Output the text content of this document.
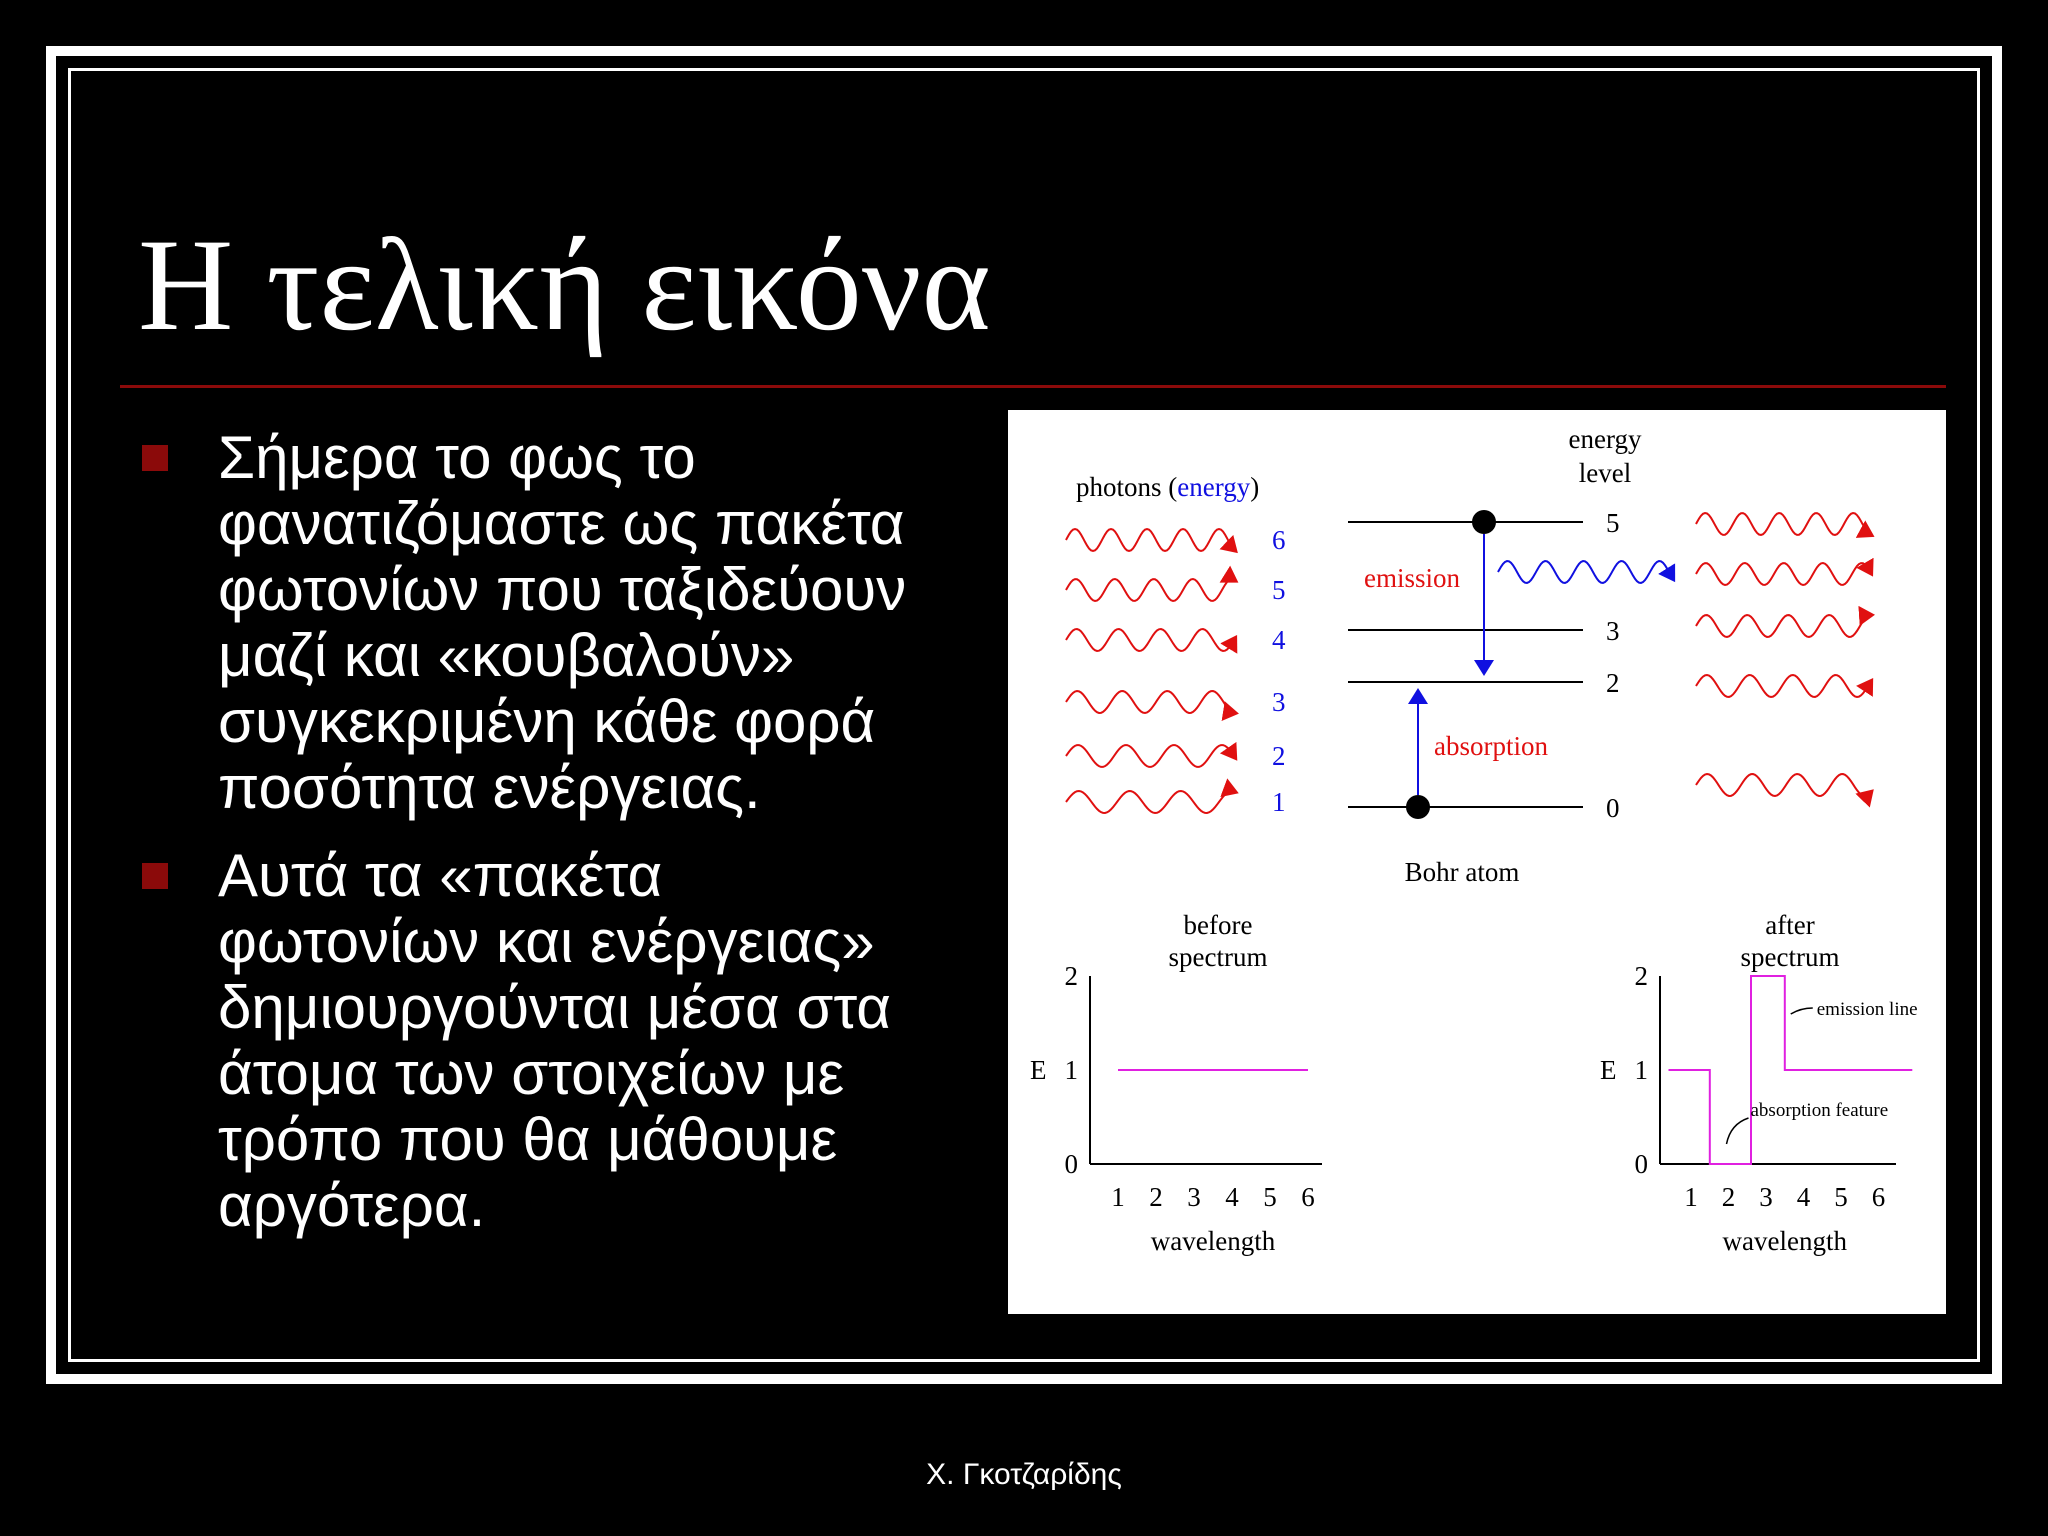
Η τελική εικόνα
Σήμερα το φως το
φανατιζόμαστε ως πακέτα
φωτονίων που ταξιδεύουν
μαζί και «κουβαλούν»
συγκεκριμένη κάθε φορά
ποσότητα ενέργειας.
Αυτά τα «πακέτα
φωτονίων και ενέργειας»
δημιουργούνται μέσα στα
άτομα των στοιχείων με
τρόπο που θα μάθουμε
αργότερα.
photons (energy)
6
5
4
3
2
1
energy
level
5
3
2
0
emission
absorption
Bohr atom
before spectrum
0
1
2
E
1 2 3 4 5 6
wavelength
after spectrum
0
1
2
E
1 2 3 4 5 6
wavelength
emission line
absorption feature
Χ. Γκοτζαρίδης
